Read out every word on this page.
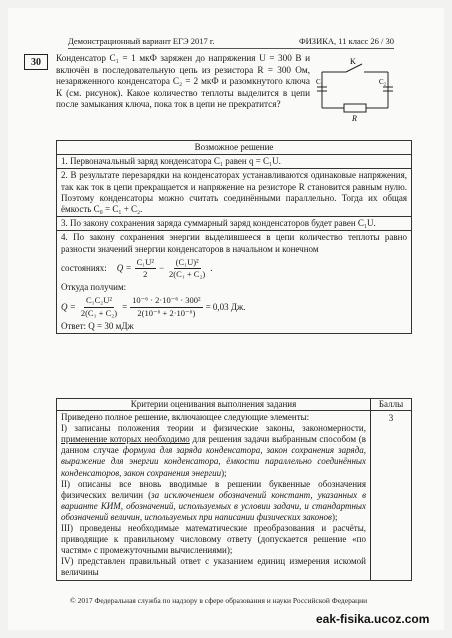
Демонстрационный вариант ЕГЭ 2017 г.	ФИЗИКА, 11 класс 26 / 30
30	Конденсатор C₁ = 1 мкФ заряжен до напряжения U = 300 В и включён в последовательную цепь из резистора R = 300 Ом, незаряженного конденсатора C₂ = 2 мкФ и разомкнутого ключа К (см. рисунок). Какое количество теплоты выделится в цепи после замыкания ключа, пока ток в цепи не прекратится?
K
C₁	C₂
R
Возможное решение
1. Первоначальный заряд конденсатора C₁ равен q = C₁U.
2. В результате перезарядки на конденсаторах устанавливаются одинаковые напряжения, так как ток в цепи прекращается и напряжение на резисторе R становится равным нулю. Поэтому конденсаторы можно считать соединёнными параллельно. Тогда их общая ёмкость C₀ = C₁ + C₂.
3. По закону сохранения заряда суммарный заряд конденсаторов будет равен C₁U.
4. По закону сохранения энергии выделившееся в цепи количество теплоты равно разности значений энергии конденсаторов в начальном и конечном
состояниях: $Q = \frac{\text{C₁U²}}{2} - \frac{\text{(C₁U)²}}{\text{2(C₁ + C₂)}}$ .
Откуда получим:
$Q = \frac{\text{C₁C₂U²}}{\text{2(C₁ + C₂)}} = \frac{\text{10⁻⁶ · 2·10⁻⁶ · 300²}}{\text{2(10⁻⁶ + 2·10⁻⁶)}} = 0,03$ Дж.
Ответ: Q = 30 мДж
Критерии оценивания выполнения задания	Баллы
Приведено полное решение, включающее следующие элементы:
I) записаны положения теории и физические законы, закономерности, применение которых необходимо для решения задачи выбранным способом (в данном случае формула для заряда конденсатора, закон сохранения заряда, выражение для энергии конденсатора, ёмкости параллельно соединённых конденсаторов, закон сохранения энергии);
II) описаны все вновь вводимые в решении буквенные обозначения физических величин (за исключением обозначений констант, указанных в варианте КИМ, обозначений, используемых в условии задачи, и стандартных обозначений величин, используемых при написании физических законов);
III) проведены необходимые математические преобразования и расчёты, приводящие к правильному числовому ответу (допускается решение «по частям» с промежуточными вычислениями);
IV) представлен правильный ответ с указанием единиц измерения искомой величины
3
© 2017 Федеральная служба по надзору в сфере образования и науки Российской Федерации
eak-fisika.ucoz.com
